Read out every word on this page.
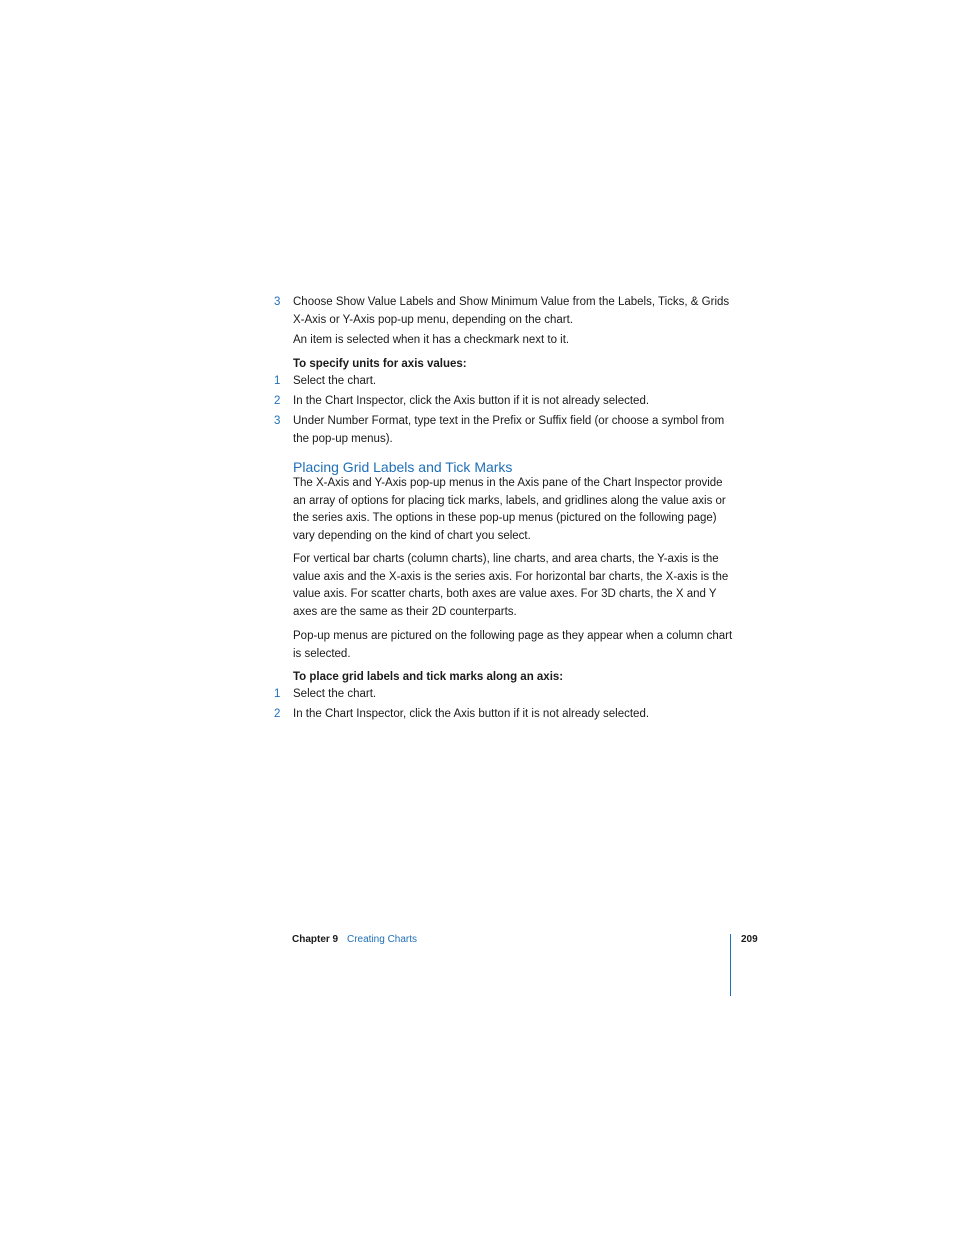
3	Choose Show Value Labels and Show Minimum Value from the Labels, Ticks, & Grids X-Axis or Y-Axis pop-up menu, depending on the chart.
An item is selected when it has a checkmark next to it.
To specify units for axis values:
1	Select the chart.
2	In the Chart Inspector, click the Axis button if it is not already selected.
3	Under Number Format, type text in the Prefix or Suffix field (or choose a symbol from the pop-up menus).
Placing Grid Labels and Tick Marks
The X-Axis and Y-Axis pop-up menus in the Axis pane of the Chart Inspector provide an array of options for placing tick marks, labels, and gridlines along the value axis or the series axis. The options in these pop-up menus (pictured on the following page) vary depending on the kind of chart you select.
For vertical bar charts (column charts), line charts, and area charts, the Y-axis is the value axis and the X-axis is the series axis. For horizontal bar charts, the X-axis is the value axis. For scatter charts, both axes are value axes. For 3D charts, the X and Y axes are the same as their 2D counterparts.
Pop-up menus are pictured on the following page as they appear when a column chart is selected.
To place grid labels and tick marks along an axis:
1	Select the chart.
2	In the Chart Inspector, click the Axis button if it is not already selected.
Chapter 9 Creating Charts	209
